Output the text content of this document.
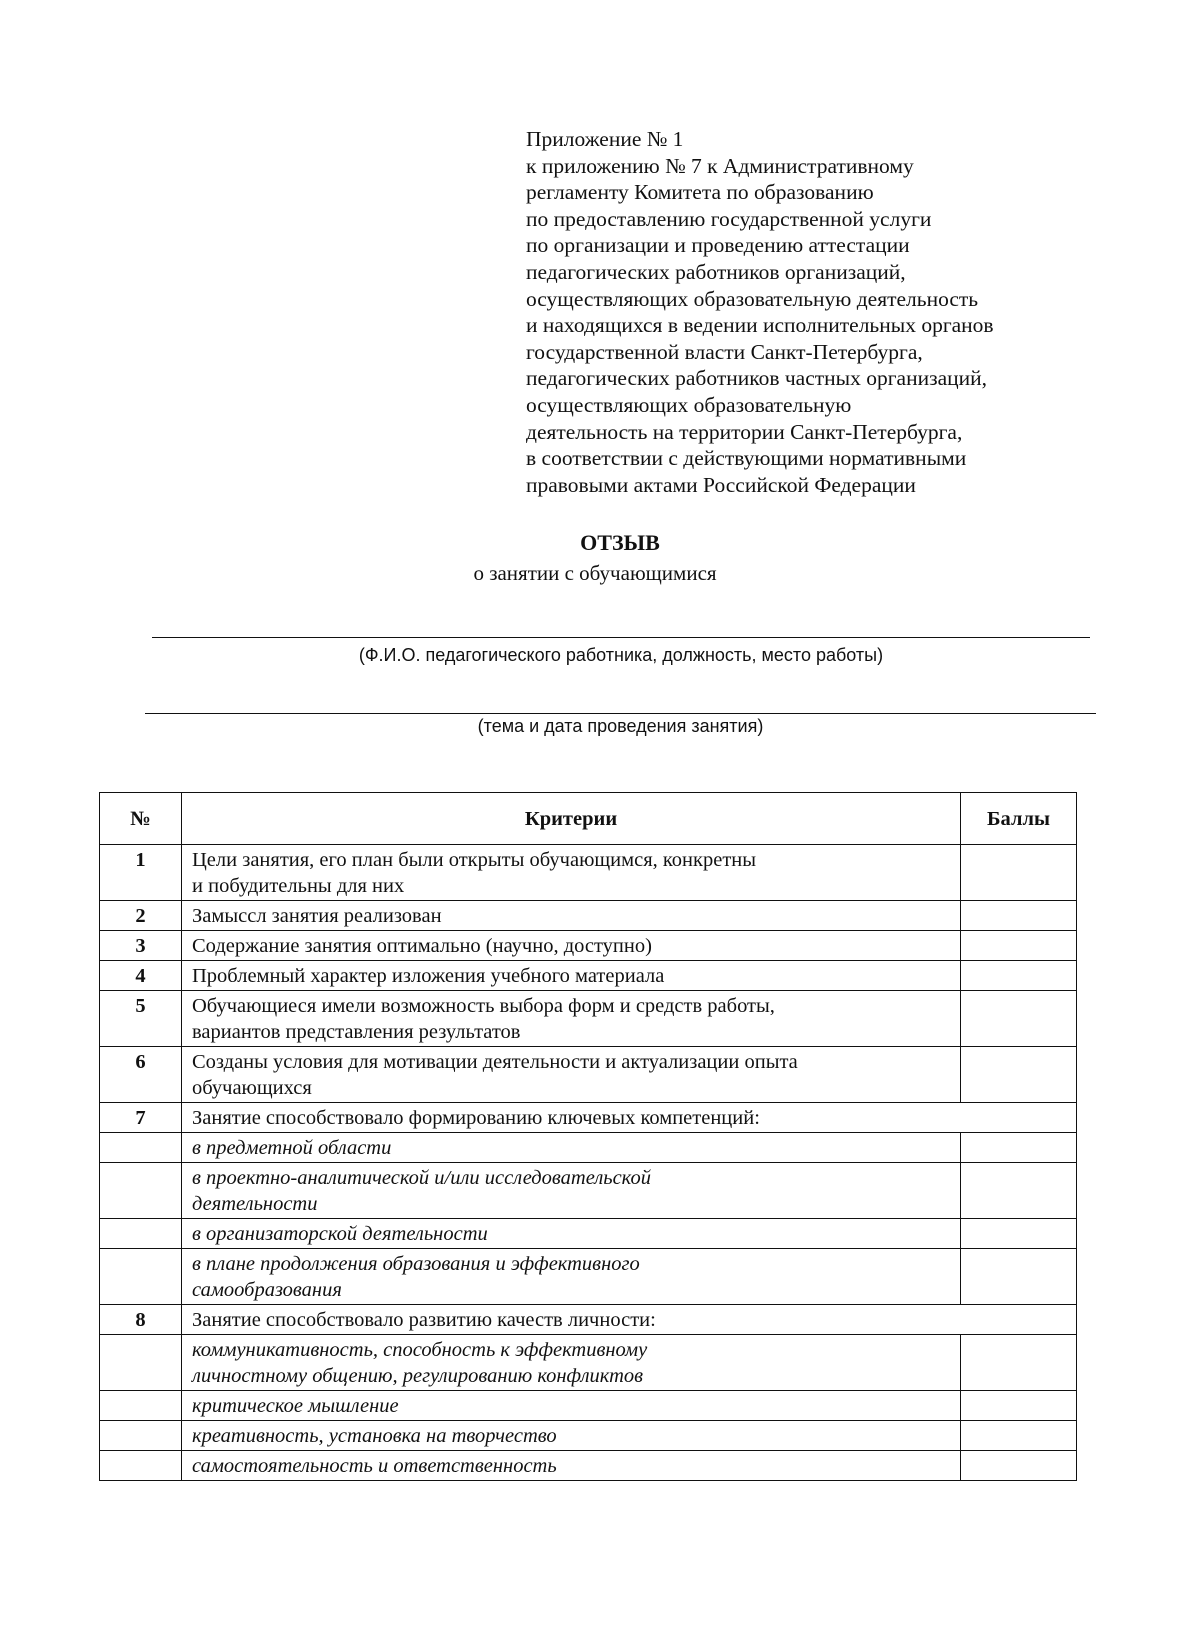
Приложение № 1
к приложению № 7 к Административному
регламенту Комитета по образованию
по предоставлению государственной услуги
по организации и проведению аттестации
педагогических работников организаций,
осуществляющих образовательную деятельность
и находящихся в ведении исполнительных органов
государственной власти Санкт-Петербурга,
педагогических работников частных организаций,
осуществляющих образовательную
деятельность на территории Санкт-Петербурга,
в соответствии с действующими нормативными
правовыми актами Российской Федерации
ОТЗЫВ
о занятии с обучающимися
(Ф.И.О. педагогического работника, должность, место работы)
(тема и дата проведения занятия)
№	Критерии	Баллы
1	Цели занятия, его план были открыты обучающимся, конкретны
и побудительны для них	
2	Замыссл занятия реализован	
3	Содержание занятия оптимально (научно, доступно)	
4	Проблемный характер изложения учебного материала	
5	Обучающиеся имели возможность выбора форм и средств работы,
вариантов представления результатов	
6	Созданы условия для мотивации деятельности и актуализации опыта
обучающихся	
7	Занятие способствовало формированию ключевых компетенций:	
	в предметной области	
	в проектно-аналитической и/или исследовательской
деятельности	
	в организаторской деятельности	
	в плане продолжения образования и эффективного
самообразования	
8	Занятие способствовало развитию качеств личности:	
	коммуникативность, способность к эффективному
личностному общению, регулированию конфликтов	
	критическое мышление	
	креативность, установка на творчество	
	самостоятельность и ответственность	
